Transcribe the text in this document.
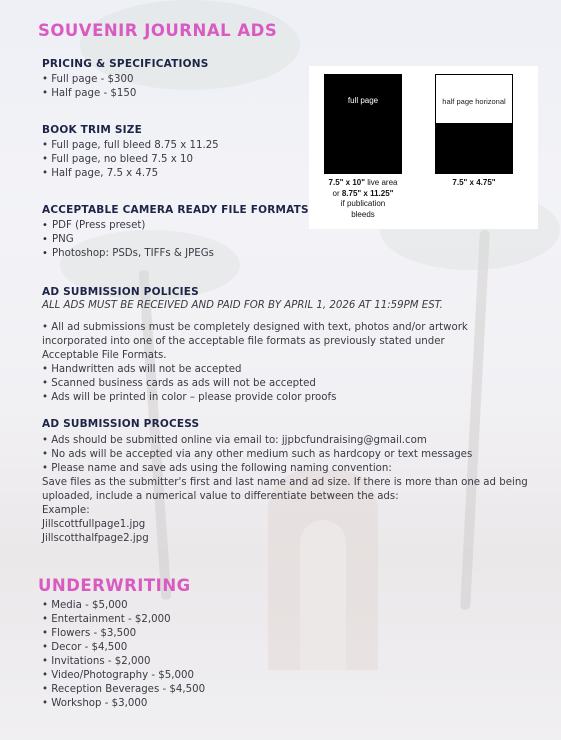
SOUVENIR JOURNAL ADS
PRICING & SPECIFICATIONS
• Full page - $300
• Half page - $150
BOOK TRIM SIZE
• Full page, full bleed 8.75 x 11.25
• Full page, no bleed 7.5 x 10
• Half page, 7.5 x 4.75
ACCEPTABLE CAMERA READY FILE FORMATS
• PDF (Press preset)
• PNG
• Photoshop: PSDs, TIFFs & JPEGs
full page	half page horizonal
7.5" x 10" live area
or 8.75" x 11.25"
if publication
bleeds
7.5" x 4.75"
AD SUBMISSION POLICIES
ALL ADS MUST BE RECEIVED AND PAID FOR BY APRIL 1, 2026 AT 11:59PM EST.
• All ad submissions must be completely designed with text, photos and/or artwork
incorporated into one of the acceptable file formats as previously stated under
Acceptable File Formats.
• Handwritten ads will not be accepted
• Scanned business cards as ads will not be accepted
• Ads will be printed in color – please provide color proofs
AD SUBMISSION PROCESS
• Ads should be submitted online via email to: jjpbcfundraising@gmail.com
• No ads will be accepted via any other medium such as hardcopy or text messages
• Please name and save ads using the following naming convention:
Save files as the submitter's first and last name and ad size. If there is more than one ad being
uploaded, include a numerical value to differentiate between the ads:
Example:
Jillscottfullpage1.jpg
Jillscotthalfpage2.jpg
UNDERWRITING
• Media - $5,000
• Entertainment - $2,000
• Flowers - $3,500
• Decor - $4,500
• Invitations - $2,000
• Video/Photography - $5,000
• Reception Beverages - $4,500
• Workshop - $3,000
